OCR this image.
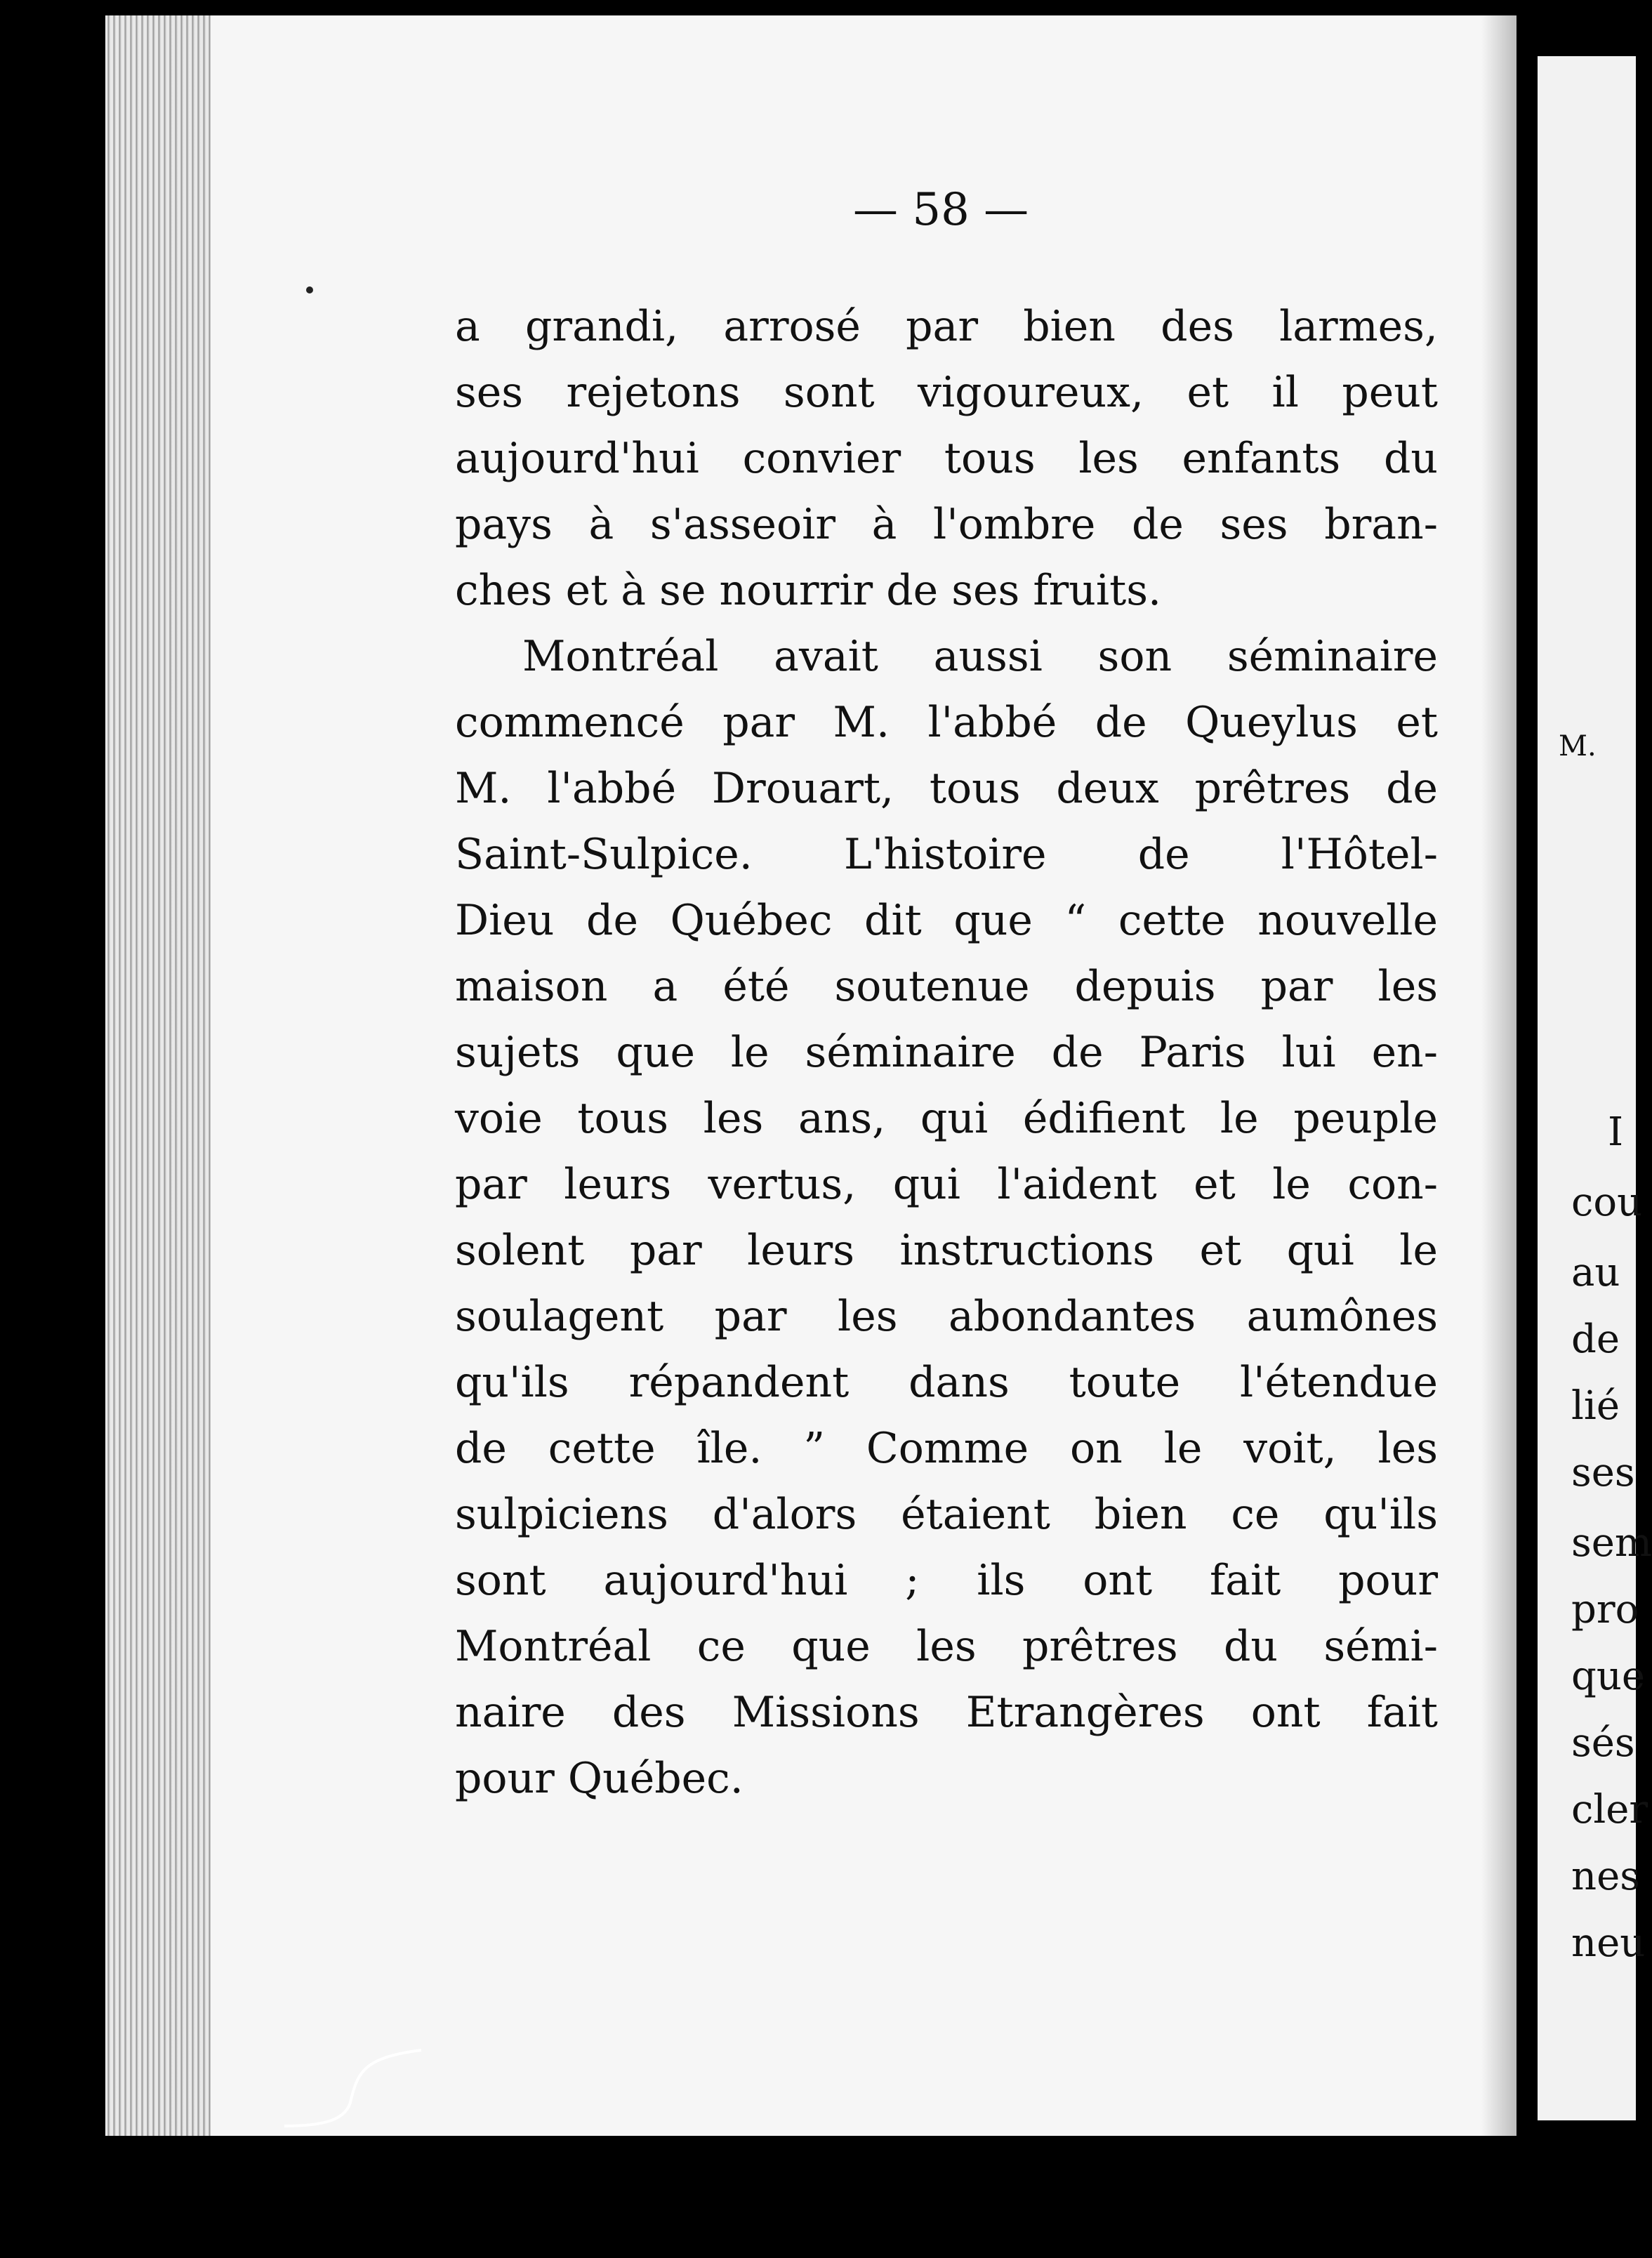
— 58 —
a grandi, arrosé par bien des larmes,
ses rejetons sont vigoureux, et il peut
aujourd'hui convier tous les enfants du
pays à s'asseoir à l'ombre de ses bran-
ches et à se nourrir de ses fruits.
Montréal avait aussi son séminaire
commencé par M. l'abbé de Queylus et
M. l'abbé Drouart, tous deux prêtres de
Saint-Sulpice. L'histoire de l'Hôtel-
Dieu de Québec dit que “ cette nouvelle
maison a été soutenue depuis par les
sujets que le séminaire de Paris lui en-
voie tous les ans, qui édifient le peuple
par leurs vertus, qui l'aident et le con-
solent par leurs instructions et qui le
soulagent par les abondantes aumônes
qu'ils répandent dans toute l'étendue
de cette île. ” Comme on le voit, les
sulpiciens d'alors étaient bien ce qu'ils
sont aujourd'hui ; ils ont fait pour
Montréal ce que les prêtres du sémi-
naire des Missions Etrangères ont fait
pour Québec.
M.
I
cou
au
de
lié
ses
sem
pro
que
sés
cler
nes
neu
